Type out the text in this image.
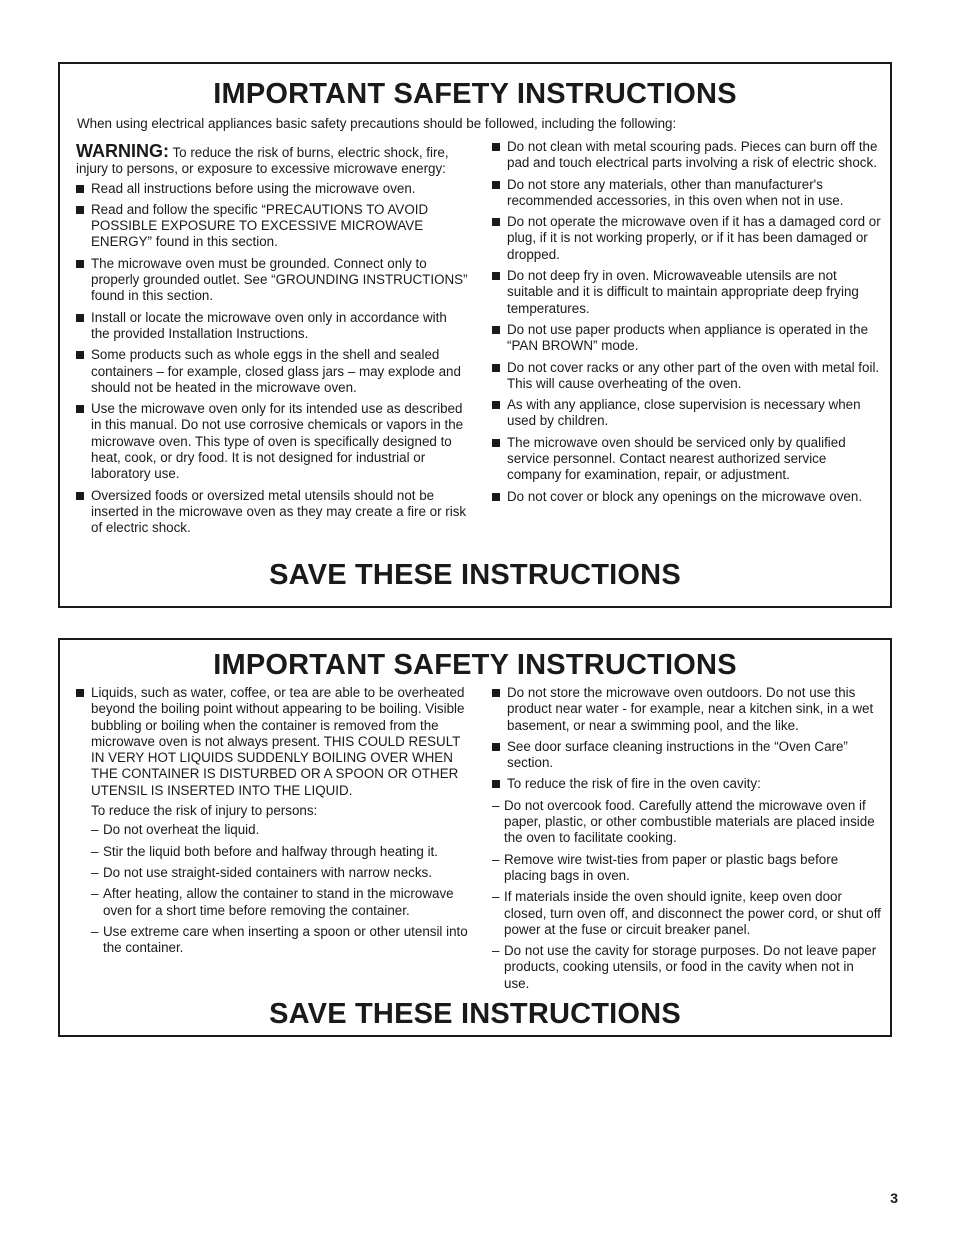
IMPORTANT SAFETY INSTRUCTIONS

When using electrical appliances basic safety precautions should be followed, including the following:

WARNING: To reduce the risk of burns, electric shock, fire, injury to persons, or exposure to excessive microwave energy:

Read all instructions before using the microwave oven.
Read and follow the specific “PRECAUTIONS TO AVOID POSSIBLE EXPOSURE TO EXCESSIVE MICROWAVE ENERGY” found in this section.
The microwave oven must be grounded. Connect only to properly grounded outlet. See “GROUNDING INSTRUCTIONS” found in this section.
Install or locate the microwave oven only in accordance with the provided Installation Instructions.
Some products such as whole eggs in the shell and sealed containers – for example, closed glass jars – may explode and should not be heated in the microwave oven.
Use the microwave oven only for its intended use as described in this manual. Do not use corrosive chemicals or vapors in the microwave oven. This type of oven is specifically designed to heat, cook, or dry food. It is not designed for industrial or laboratory use.
Oversized foods or oversized metal utensils should not be inserted in the microwave oven as they may create a fire or risk of electric shock.
Do not clean with metal scouring pads. Pieces can burn off the pad and touch electrical parts involving a risk of electric shock.
Do not store any materials, other than manufacturer's recommended accessories, in this oven when not in use.
Do not operate the microwave oven if it has a damaged cord or plug, if it is not working properly, or if it has been damaged or dropped.
Do not deep fry in oven. Microwaveable utensils are not suitable and it is difficult to maintain appropriate deep frying temperatures.
Do not use paper products when appliance is operated in the “PAN BROWN” mode.
Do not cover racks or any other part of the oven with metal foil. This will cause overheating of the oven.
As with any appliance, close supervision is necessary when used by children.
The microwave oven should be serviced only by qualified service personnel. Contact nearest authorized service company for examination, repair, or adjustment.
Do not cover or block any openings on the microwave oven.
SAVE THESE INSTRUCTIONS
IMPORTANT SAFETY INSTRUCTIONS
Liquids, such as water, coffee, or tea are able to be overheated beyond the boiling point without appearing to be boiling. Visible bubbling or boiling when the container is removed from the microwave oven is not always present. THIS COULD RESULT IN VERY HOT LIQUIDS SUDDENLY BOILING OVER WHEN THE CONTAINER IS DISTURBED OR A SPOON OR OTHER UTENSIL IS INSERTED INTO THE LIQUID.

To reduce the risk of injury to persons:

– Do not overheat the liquid.
– Stir the liquid both before and halfway through heating it.
– Do not use straight-sided containers with narrow necks.
– After heating, allow the container to stand in the microwave oven for a short time before removing the container.
– Use extreme care when inserting a spoon or other utensil into the container.
Do not store the microwave oven outdoors. Do not use this product near water - for example, near a kitchen sink, in a wet basement, or near a swimming pool, and the like.
See door surface cleaning instructions in the “Oven Care” section.
To reduce the risk of fire in the oven cavity:
– Do not overcook food. Carefully attend the microwave oven if paper, plastic, or other combustible materials are placed inside the oven to facilitate cooking.
– Remove wire twist-ties from paper or plastic bags before placing bags in oven.
– If materials inside the oven should ignite, keep oven door closed, turn oven off, and disconnect the power cord, or shut off power at the fuse or circuit breaker panel.
– Do not use the cavity for storage purposes. Do not leave paper products, cooking utensils, or food in the cavity when not in use.
SAVE THESE INSTRUCTIONS
3
